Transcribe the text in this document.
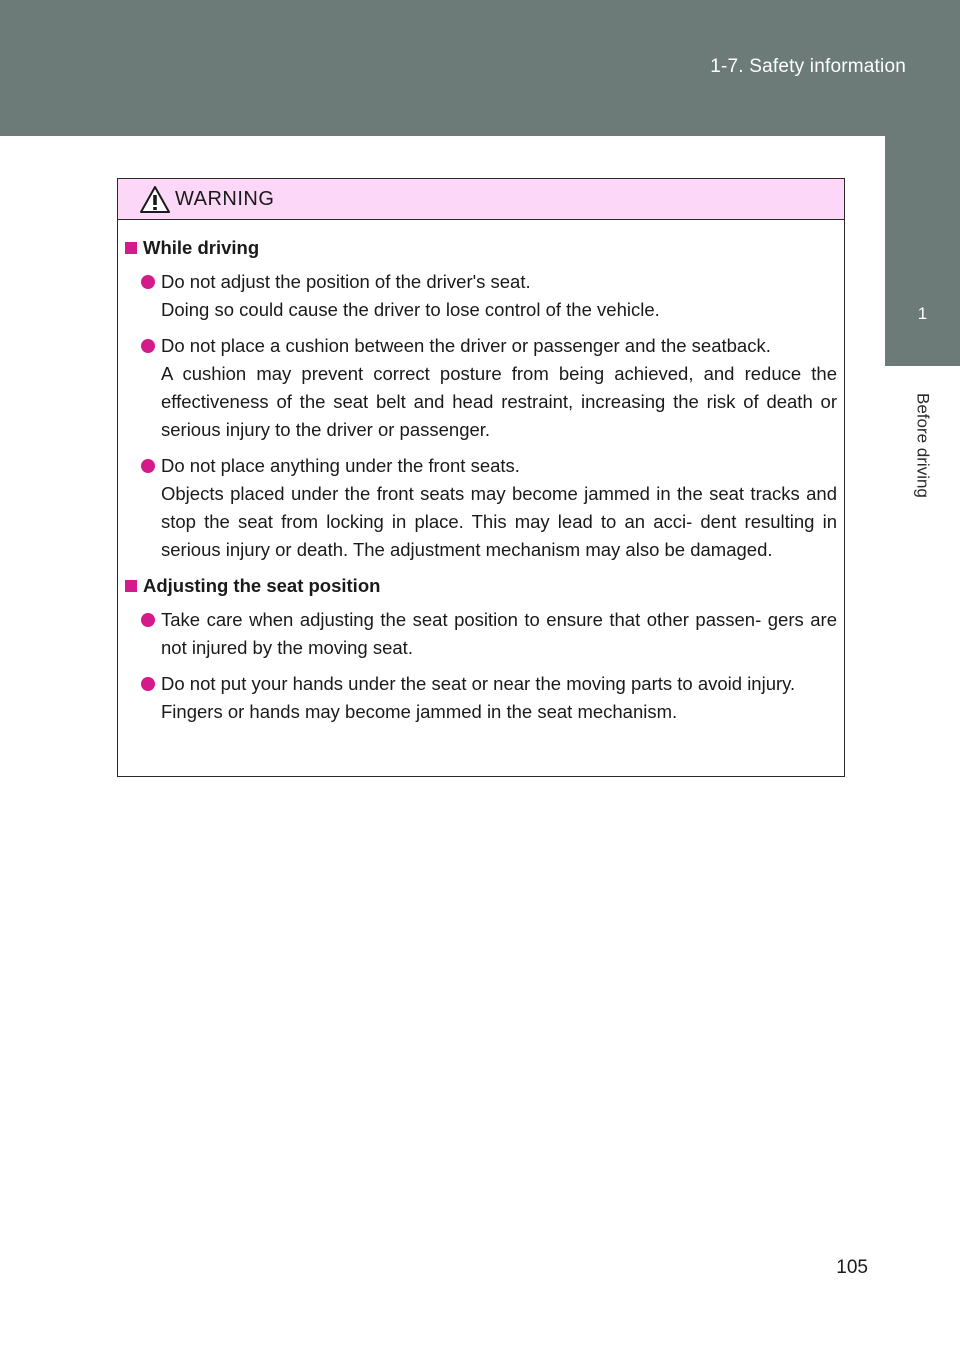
1-7. Safety information
1
Before driving
WARNING
While driving

Do not adjust the position of the driver's seat.

Doing so could cause the driver to lose control of the vehicle.

Do not place a cushion between the driver or passenger and the seatback.

A cushion may prevent correct posture from being achieved, and reduce the effectiveness of the seat belt and head restraint, increasing the risk of death or serious injury to the driver or passenger.

Do not place anything under the front seats.

Objects placed under the front seats may become jammed in the seat tracks and stop the seat from locking in place. This may lead to an acci- dent resulting in serious injury or death. The adjustment mechanism may also be damaged.

Adjusting the seat position

Take care when adjusting the seat position to ensure that other passen- gers are not injured by the moving seat.

Do not put your hands under the seat or near the moving parts to avoid injury.

Fingers or hands may become jammed in the seat mechanism.

105
